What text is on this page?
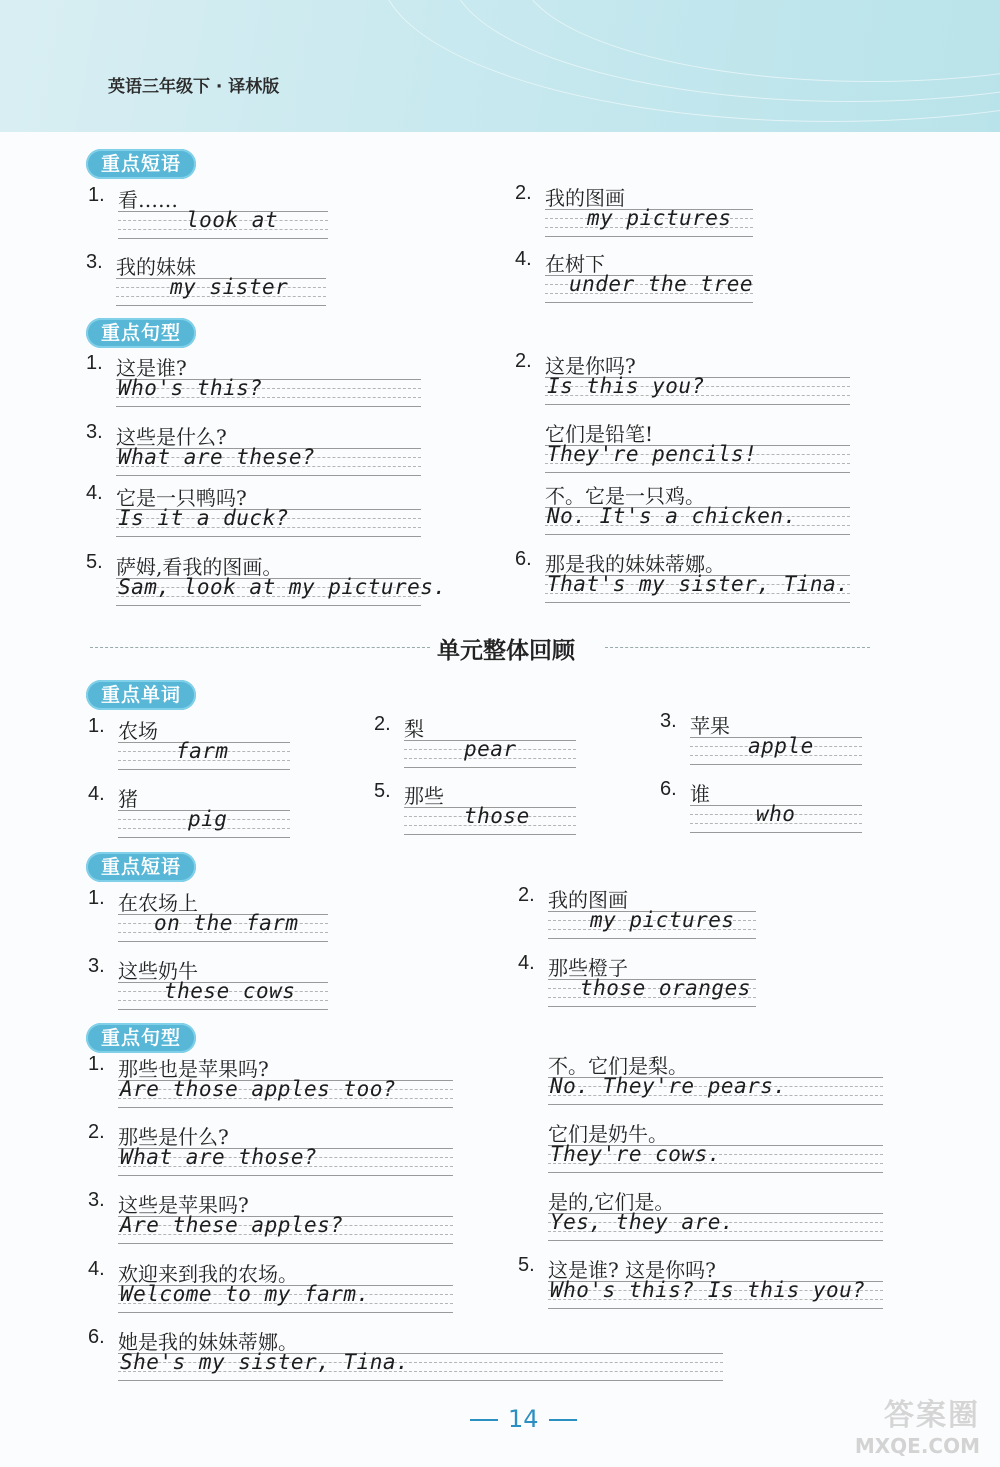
英语三年级下 · 译林版
重点短语
1. 看……
look at
2. 我的图画
my pictures
3. 我的妹妹
my sister
4. 在树下
under the tree
重点句型
1. 这是谁?
Who's this?
2. 这是你吗?
Is this you?
3. 这些是什么?
What are these?
它们是铅笔!
They're pencils!
4. 它是一只鸭吗?
Is it a duck?
不。它是一只鸡。
No. It's a chicken.
5. 萨姆,看我的图画。
Sam, look at my pictures.
6. 那是我的妹妹蒂娜。
That's my sister, Tina.
单元整体回顾
重点单词
1. 农场
farm
2. 梨
pear
3. 苹果
apple
4. 猪
pig
5. 那些
those
6. 谁
who
重点短语
1. 在农场上
on the farm
2. 我的图画
my pictures
3. 这些奶牛
these cows
4. 那些橙子
those oranges
重点句型
1. 那些也是苹果吗?
Are those apples too?
不。它们是梨。
No. They're pears.
2. 那些是什么?
What are those?
它们是奶牛。
They're cows.
3. 这些是苹果吗?
Are these apples?
是的,它们是。
Yes, they are.
4. 欢迎来到我的农场。
Welcome to my farm.
5. 这是谁? 这是你吗?
Who's this? Is this you?
6. 她是我的妹妹蒂娜。
She's my sister, Tina.
14	答案圈
MXQE.COM
